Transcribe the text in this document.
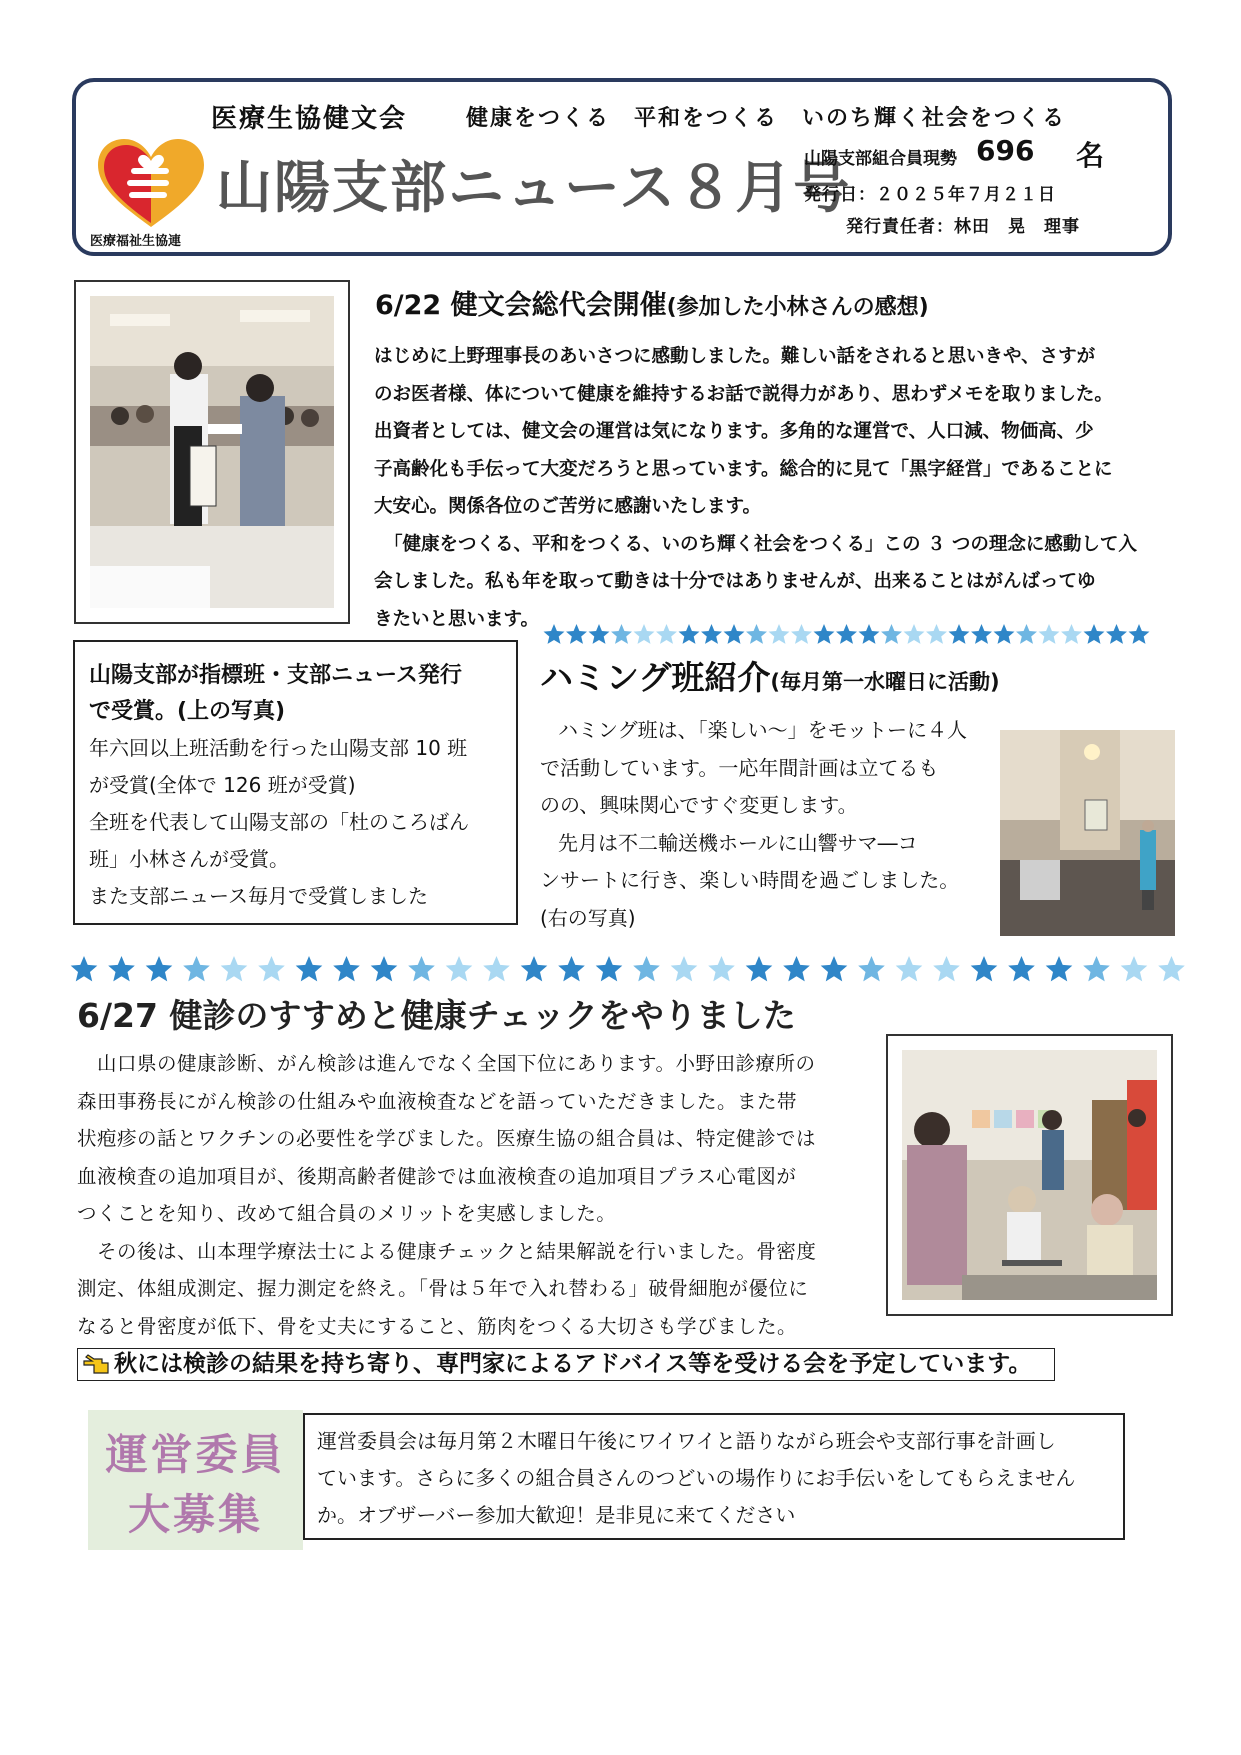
医療生協健文会	健康をつくる　平和をつくる　いのち輝く社会をつくる
医療福祉生協連
山陽支部ニュース８月号
山陽支部組合員現勢 696 名
発行日：２０２５年７月２１日
発行責任者：林田　晃　理事
6/22 健文会総代会開催(参加した小林さんの感想)
はじめに上野理事長のあいさつに感動しました。難しい話をされると思いきや、さすが
のお医者様、体について健康を維持するお話で説得力があり、思わずメモを取りました。
出資者としては、健文会の運営は気になります。多角的な運営で、人口減、物価高、少
子高齢化も手伝って大変だろうと思っています。総合的に見て「黒字経営」であることに
大安心。関係各位のご苦労に感謝いたします。
「健康をつくる、平和をつくる、いのち輝く社会をつくる」この ３ つの理念に感動して入
会しました。私も年を取って動きは十分ではありませんが、出来ることはがんばってゆ
きたいと思います。
山陽支部が指標班・支部ニュース発行
で受賞。(上の写真)
年六回以上班活動を行った山陽支部 10 班
が受賞(全体で 126 班が受賞)
全班を代表して山陽支部の「杜のころばん
班」小林さんが受賞。
また支部ニュース毎月で受賞しました
ハミング班紹介(毎月第一水曜日に活動)
ハミング班は、「楽しい～」をモットーに４人
で活動しています。一応年間計画は立てるも
のの、興味関心ですぐ変更します。
先月は不二輸送機ホールに山響サマ―コ
ンサートに行き、楽しい時間を過ごしました。
(右の写真)
6/27 健診のすすめと健康チェックをやりました
山口県の健康診断、がん検診は進んでなく全国下位にあります。小野田診療所の
森田事務長にがん検診の仕組みや血液検査などを語っていただきました。また帯
状疱疹の話とワクチンの必要性を学びました。医療生協の組合員は、特定健診では
血液検査の追加項目が、後期高齢者健診では血液検査の追加項目プラス心電図が
つくことを知り、改めて組合員のメリットを実感しました。
その後は、山本理学療法士による健康チェックと結果解説を行いました。骨密度
測定、体組成測定、握力測定を終え。「骨は５年で入れ替わる」破骨細胞が優位に
なると骨密度が低下、骨を丈夫にすること、筋肉をつくる大切さも学びました。
秋には検診の結果を持ち寄り、専門家によるアドバイス等を受ける会を予定しています。
運営委員
大募集
運営委員会は毎月第２木曜日午後にワイワイと語りながら班会や支部行事を計画し
ています。さらに多くの組合員さんのつどいの場作りにお手伝いをしてもらえません
か。オブザーバー参加大歓迎！是非見に来てください
